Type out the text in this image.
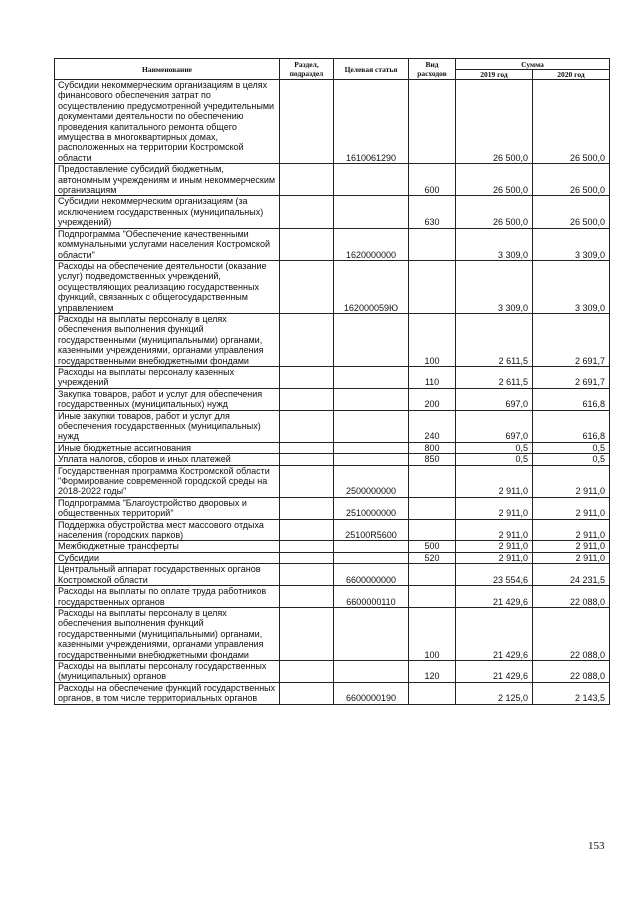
Наименование	Раздел, подраздел	Целевая статья	Вид расходов	Сумма	
				2019 год	2020 год
Субсидии некоммерческим организациям в целях финансового обеспечения затрат по осуществлению предусмотренной учредительными документами деятельности по обеспечению проведения капитального ремонта общего имущества в многоквартирных домах, расположенных на территории Костромской области		1610061290		26 500,0	26 500,0
Предоставление субсидий бюджетным, автономным учреждениям и иным некоммерческим организациям			600	26 500,0	26 500,0
Субсидии некоммерческим организациям (за исключением государственных (муниципальных) учреждений)			630	26 500,0	26 500,0
Подпрограмма "Обеспечение качественными коммунальными услугами населения Костромской области"		1620000000		3 309,0	3 309,0
Расходы на обеспечение деятельности (оказание услуг) подведомственных учреждений, осуществляющих реализацию государственных функций, связанных с общегосударственным управлением		162000059Ю		3 309,0	3 309,0
Расходы на выплаты персоналу в целях обеспечения выполнения функций государственными (муниципальными) органами, казенными учреждениями, органами управления государственными внебюджетными фондами			100	2 611,5	2 691,7
Расходы на выплаты персоналу казенных учреждений			110	2 611,5	2 691,7
Закупка товаров, работ и услуг для обеспечения государственных (муниципальных) нужд			200	697,0	616,8
Иные закупки товаров, работ и услуг для обеспечения государственных (муниципальных) нужд			240	697,0	616,8
Иные бюджетные ассигнования			800	0,5	0,5
Уплата налогов, сборов и иных платежей			850	0,5	0,5
Государственная программа Костромской области "Формирование современной городской среды на 2018-2022 годы"		2500000000		2 911,0	2 911,0
Подпрограмма "Благоустройство дворовых и общественных территорий"		2510000000		2 911,0	2 911,0
Поддержка обустройства мест массового отдыха населения (городских парков)		25100R5600		2 911,0	2 911,0
Межбюджетные трансферты			500	2 911,0	2 911,0
Субсидии			520	2 911,0	2 911,0
Центральный аппарат государственных органов Костромской области		6600000000		23 554,6	24 231,5
Расходы на выплаты по оплате труда работников государственных органов		6600000110		21 429,6	22 088,0
Расходы на выплаты персоналу в целях обеспечения выполнения функций государственными (муниципальными) органами, казенными учреждениями, органами управления государственными внебюджетными фондами			100	21 429,6	22 088,0
Расходы на выплаты персоналу государственных (муниципальных) органов			120	21 429,6	22 088,0
Расходы на обеспечение функций государственных органов, в том числе территориальных органов		6600000190		2 125,0	2 143,5
153
